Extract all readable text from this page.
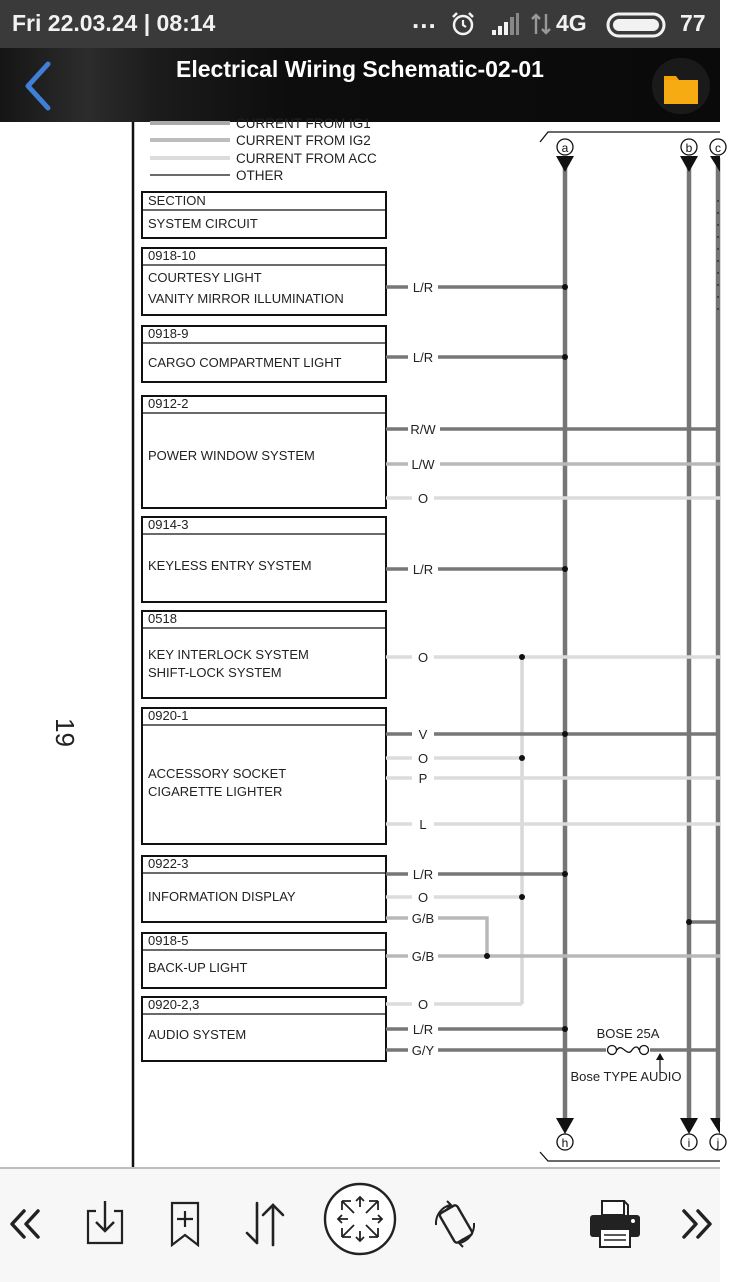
Fri 22.03.24 | 08:14	...	4G	77
Electrical Wiring Schematic-02-01
19
CURRENT FROM IG1
CURRENT FROM IG2
CURRENT FROM ACC
OTHER
SECTION
SYSTEM CIRCUIT
a	b c
h	i j
0918-10
COURTESY LIGHT
VANITY MIRROR ILLUMINATION
0918-9
CARGO COMPARTMENT LIGHT
0912-2
POWER WINDOW SYSTEM
0914-3
KEYLESS ENTRY SYSTEM
0518
KEY INTERLOCK SYSTEM
SHIFT-LOCK SYSTEM
0920-1
ACCESSORY SOCKET
CIGARETTE LIGHTER
0922-3
INFORMATION DISPLAY
0918-5
BACK-UP LIGHT
0920-2,3
AUDIO SYSTEM
L/R
L/R
R/W
L/W
O
L/R
O
V
O
P
L
L/R
O
G/B
G/B
O
L/R
G/Y
BOSE 25A
Bose TYPE AUDIO
